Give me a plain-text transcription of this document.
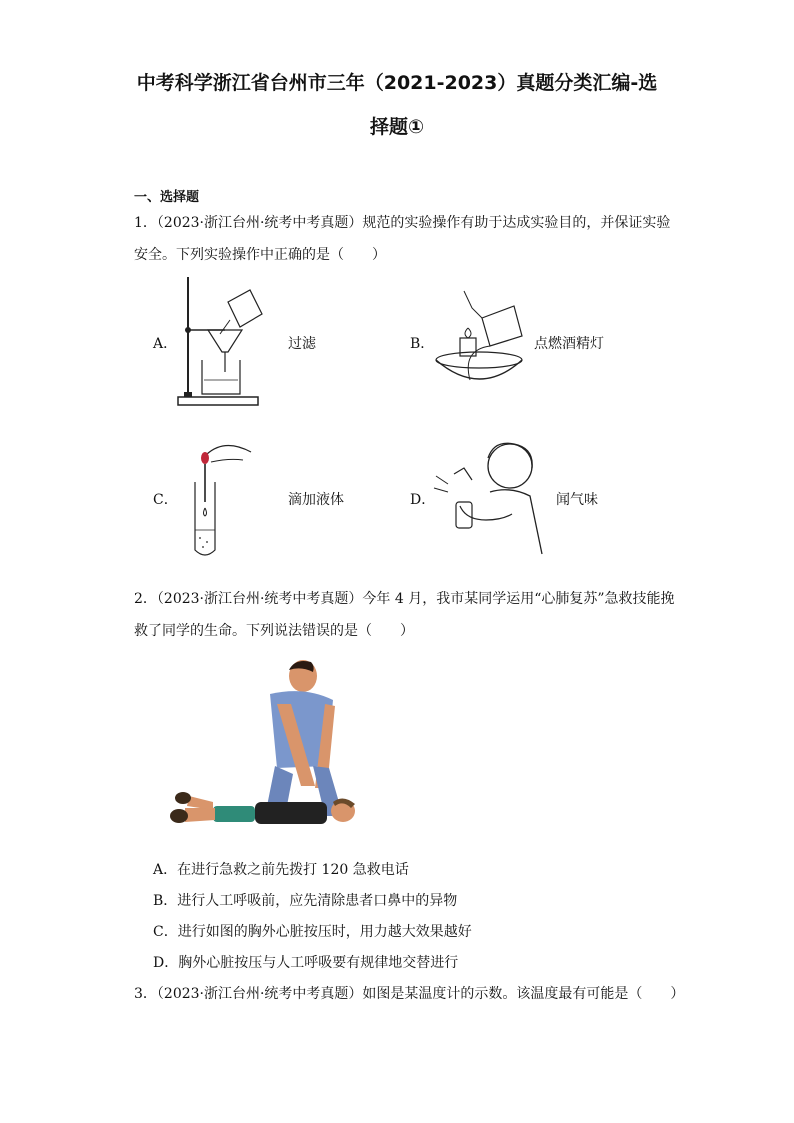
中考科学浙江省台州市三年（2021-2023）真题分类汇编-选
择题①
一、选择题
1．（2023·浙江台州·统考中考真题）规范的实验操作有助于达成实验目的，并保证实验
安全。下列实验操作中正确的是（　　）
A．	过滤	B．	点燃酒精灯
C．	滴加液体	D．	闻气味
2．（2023·浙江台州·统考中考真题）今年 4 月，我市某同学运用“心肺复苏”急救技能挽
救了同学的生命。下列说法错误的是（　　）
A．在进行急救之前先拨打 120 急救电话
B．进行人工呼吸前，应先清除患者口鼻中的异物
C．进行如图的胸外心脏按压时，用力越大效果越好
D．胸外心脏按压与人工呼吸要有规律地交替进行
3．（2023·浙江台州·统考中考真题）如图是某温度计的示数。该温度最有可能是（　　）
